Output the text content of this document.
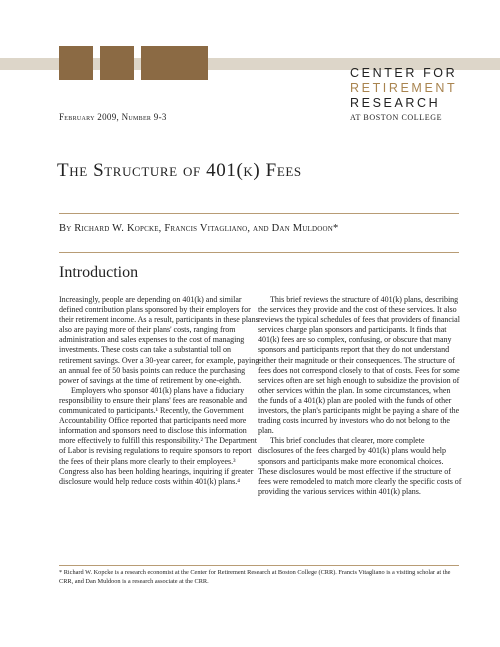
CENTER FOR
RETIREMENT
RESEARCH
AT BOSTON COLLEGE
February 2009, Number 9-3
The Structure of 401(k) Fees
By Richard W. Kopcke, Francis Vitagliano, and Dan Muldoon*
Introduction

Increasingly, people are depending on 401(k) and similar defined contribution plans sponsored by their employers for their retirement income. As a result, participants in these plans also are paying more of their plans' costs, ranging from administration and sales expenses to the cost of managing investments. These costs can take a substantial toll on retirement savings. Over a 30-year career, for example, paying an annual fee of 50 basis points can reduce the purchasing power of savings at the time of retirement by one-eighth.

Employers who sponsor 401(k) plans have a fiduciary responsibility to ensure their plans' fees are reasonable and communicated to participants.¹ Recently, the Government Accountability Office reported that participants need more information and sponsors need to disclose this information more effectively to fulfill this responsibility.² The Department of Labor is revising regulations to require sponsors to report the fees of their plans more clearly to their employees.³ Congress also has been holding hearings, inquiring if greater disclosure would help reduce costs within 401(k) plans.⁴

This brief reviews the structure of 401(k) plans, describing the services they provide and the cost of these services. It also reviews the typical schedules of fees that providers of financial services charge plan sponsors and participants. It finds that 401(k) fees are so complex, confusing, or obscure that many sponsors and participants report that they do not understand either their magnitude or their consequences. The structure of fees does not correspond closely to that of costs. Fees for some services often are set high enough to subsidize the provision of other services within the plan. In some circumstances, when the funds of a 401(k) plan are pooled with the funds of other investors, the plan's participants might be paying a share of the trading costs incurred by investors who do not belong to the plan.

This brief concludes that clearer, more complete disclosures of the fees charged by 401(k) plans would help sponsors and participants make more economical choices. These disclosures would be most effective if the structure of fees were remodeled to match more clearly the specific costs of providing the various services within 401(k) plans.

* Richard W. Kopcke is a research economist at the Center for Retirement Research at Boston College (CRR). Francis Vitagliano is a visiting scholar at the CRR, and Dan Muldoon is a research associate at the CRR.
